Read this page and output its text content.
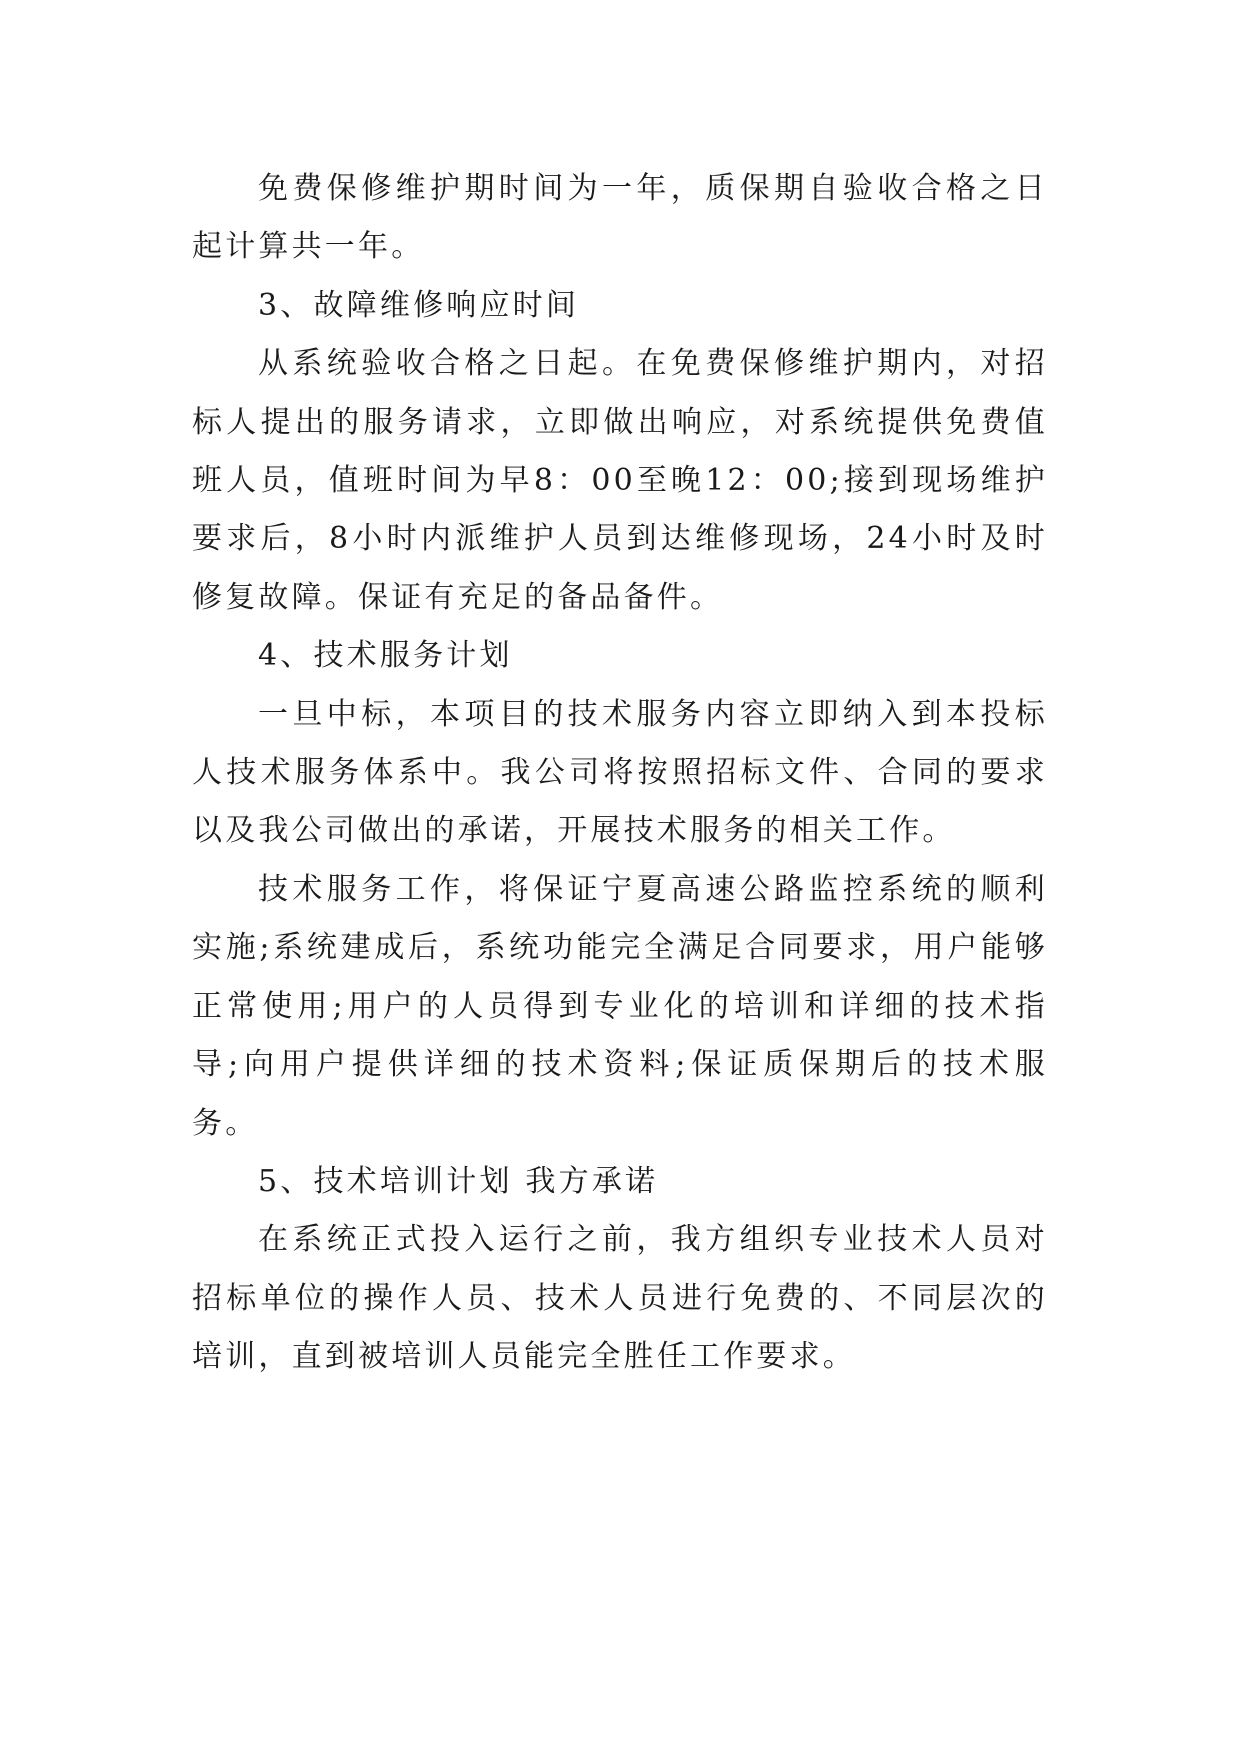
免费保修维护期时间为一年，质保期自验收合格之日起计算共一年。

3、故障维修响应时间

从系统验收合格之日起。在免费保修维护期内，对招标人提出的服务请求，立即做出响应，对系统提供免费值班人员，值班时间为早8：00至晚12：00;接到现场维护要求后，8小时内派维护人员到达维修现场，24小时及时修复故障。保证有充足的备品备件。

4、技术服务计划

一旦中标，本项目的技术服务内容立即纳入到本投标人技术服务体系中。我公司将按照招标文件、合同的要求以及我公司做出的承诺，开展技术服务的相关工作。

技术服务工作，将保证宁夏高速公路监控系统的顺利实施;系统建成后，系统功能完全满足合同要求，用户能够正常使用;用户的人员得到专业化的培训和详细的技术指导;向用户提供详细的技术资料;保证质保期后的技术服务。

5、技术培训计划 我方承诺

在系统正式投入运行之前，我方组织专业技术人员对招标单位的操作人员、技术人员进行免费的、不同层次的培训，直到被培训人员能完全胜任工作要求。
